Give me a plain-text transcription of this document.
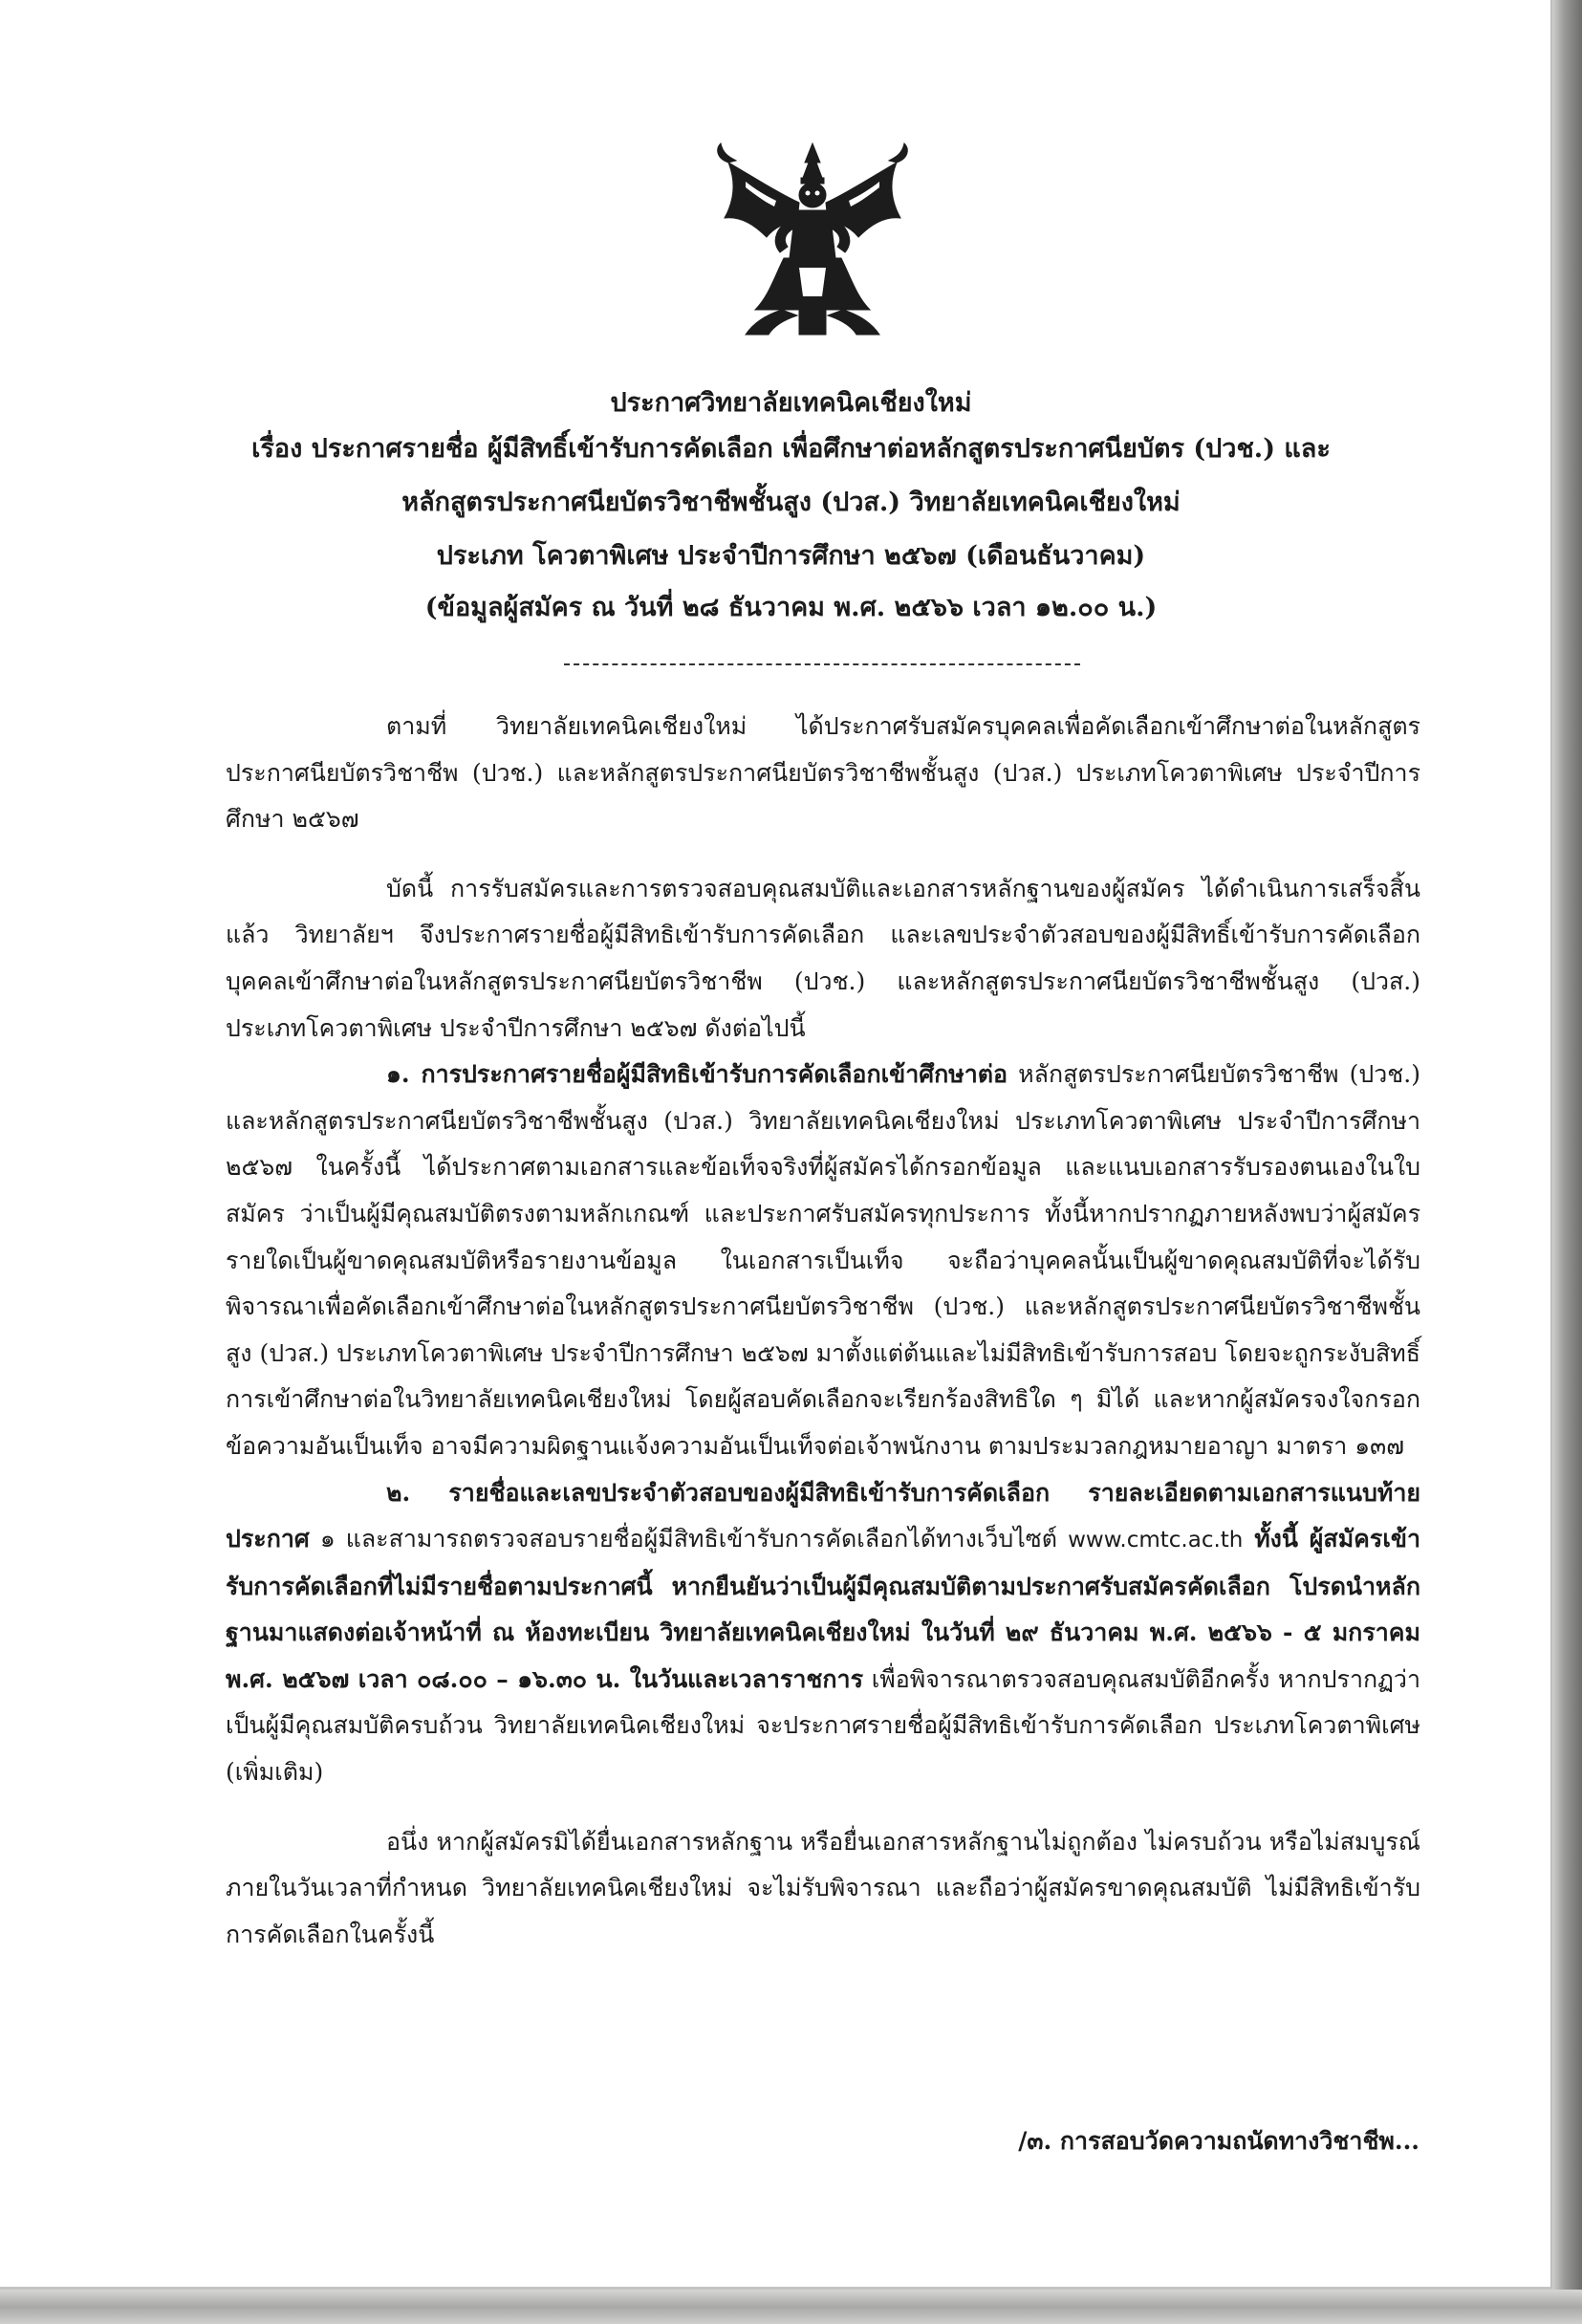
ประกาศวิทยาลัยเทคนิคเชียงใหม่
เรื่อง ประกาศรายชื่อ ผู้มีสิทธิ์เข้ารับการคัดเลือก เพื่อศึกษาต่อหลักสูตรประกาศนียบัตร (ปวช.) และ
หลักสูตรประกาศนียบัตรวิชาชีพชั้นสูง (ปวส.) วิทยาลัยเทคนิคเชียงใหม่
ประเภท โควตาพิเศษ ประจำปีการศึกษา ๒๕๖๗ (เดือนธันวาคม)
(ข้อมูลผู้สมัคร ณ วันที่ ๒๘ ธันวาคม พ.ศ. ๒๕๖๖ เวลา ๑๒.๐๐ น.)

ตามที่ วิทยาลัยเทคนิคเชียงใหม่ ได้ประกาศรับสมัครบุคคลเพื่อคัดเลือกเข้าศึกษาต่อในหลักสูตรประกาศนียบัตรวิชาชีพ (ปวช.) และหลักสูตรประกาศนียบัตรวิชาชีพชั้นสูง (ปวส.) ประเภทโควตาพิเศษ ประจำปีการศึกษา ๒๕๖๗

บัดนี้ การรับสมัครและการตรวจสอบคุณสมบัติและเอกสารหลักฐานของผู้สมัคร ได้ดำเนินการเสร็จสิ้นแล้ว วิทยาลัยฯ จึงประกาศรายชื่อผู้มีสิทธิเข้ารับการคัดเลือก และเลขประจำตัวสอบของผู้มีสิทธิ์เข้ารับการคัดเลือกบุคคลเข้าศึกษาต่อในหลักสูตรประกาศนียบัตรวิชาชีพ (ปวช.) และหลักสูตรประกาศนียบัตรวิชาชีพชั้นสูง (ปวส.) ประเภทโควตาพิเศษ ประจำปีการศึกษา ๒๕๖๗ ดังต่อไปนี้

๑. การประกาศรายชื่อผู้มีสิทธิเข้ารับการคัดเลือกเข้าศึกษาต่อ หลักสูตรประกาศนียบัตรวิชาชีพ (ปวช.) และหลักสูตรประกาศนียบัตรวิชาชีพชั้นสูง (ปวส.) วิทยาลัยเทคนิคเชียงใหม่ ประเภทโควตาพิเศษ ประจำปีการศึกษา ๒๕๖๗ ในครั้งนี้ ได้ประกาศตามเอกสารและข้อเท็จจริงที่ผู้สมัครได้กรอกข้อมูล และแนบเอกสารรับรองตนเองในใบสมัคร ว่าเป็นผู้มีคุณสมบัติตรงตามหลักเกณฑ์ และประกาศรับสมัครทุกประการ ทั้งนี้หากปรากฏภายหลังพบว่าผู้สมัครรายใดเป็นผู้ขาดคุณสมบัติหรือรายงานข้อมูล ในเอกสารเป็นเท็จ จะถือว่าบุคคลนั้นเป็นผู้ขาดคุณสมบัติที่จะได้รับพิจารณาเพื่อคัดเลือกเข้าศึกษาต่อในหลักสูตรประกาศนียบัตรวิชาชีพ (ปวช.) และหลักสูตรประกาศนียบัตรวิชาชีพชั้นสูง (ปวส.) ประเภทโควตาพิเศษ ประจำปีการศึกษา ๒๕๖๗ มาตั้งแต่ต้นและไม่มีสิทธิเข้ารับการสอบ โดยจะถูกระงับสิทธิ์การเข้าศึกษาต่อในวิทยาลัยเทคนิคเชียงใหม่ โดยผู้สอบคัดเลือกจะเรียกร้องสิทธิใด ๆ มิได้ และหากผู้สมัครจงใจกรอกข้อความอันเป็นเท็จ อาจมีความผิดฐานแจ้งความอันเป็นเท็จต่อเจ้าพนักงาน ตามประมวลกฎหมายอาญา มาตรา ๑๓๗

๒. รายชื่อและเลขประจำตัวสอบของผู้มีสิทธิเข้ารับการคัดเลือก รายละเอียดตามเอกสารแนบท้ายประกาศ ๑ และสามารถตรวจสอบรายชื่อผู้มีสิทธิเข้ารับการคัดเลือกได้ทางเว็บไซต์ www.cmtc.ac.th ทั้งนี้ ผู้สมัครเข้ารับการคัดเลือกที่ไม่มีรายชื่อตามประกาศนี้ หากยืนยันว่าเป็นผู้มีคุณสมบัติตามประกาศรับสมัครคัดเลือก โปรดนำหลักฐานมาแสดงต่อเจ้าหน้าที่ ณ ห้องทะเบียน วิทยาลัยเทคนิคเชียงใหม่ ในวันที่ ๒๙ ธันวาคม พ.ศ. ๒๕๖๖ - ๕ มกราคม พ.ศ. ๒๕๖๗ เวลา ๐๘.๐๐ – ๑๖.๓๐ น. ในวันและเวลาราชการ เพื่อพิจารณาตรวจสอบคุณสมบัติอีกครั้ง หากปรากฏว่าเป็นผู้มีคุณสมบัติครบถ้วน วิทยาลัยเทคนิคเชียงใหม่ จะประกาศรายชื่อผู้มีสิทธิเข้ารับการคัดเลือก ประเภทโควตาพิเศษ (เพิ่มเติม)

อนึ่ง หากผู้สมัครมิได้ยื่นเอกสารหลักฐาน หรือยื่นเอกสารหลักฐานไม่ถูกต้อง ไม่ครบถ้วน หรือไม่สมบูรณ์ภายในวันเวลาที่กำหนด วิทยาลัยเทคนิคเชียงใหม่ จะไม่รับพิจารณา และถือว่าผู้สมัครขาดคุณสมบัติ ไม่มีสิทธิเข้ารับการคัดเลือกในครั้งนี้

/๓. การสอบวัดความถนัดทางวิชาชีพ...
